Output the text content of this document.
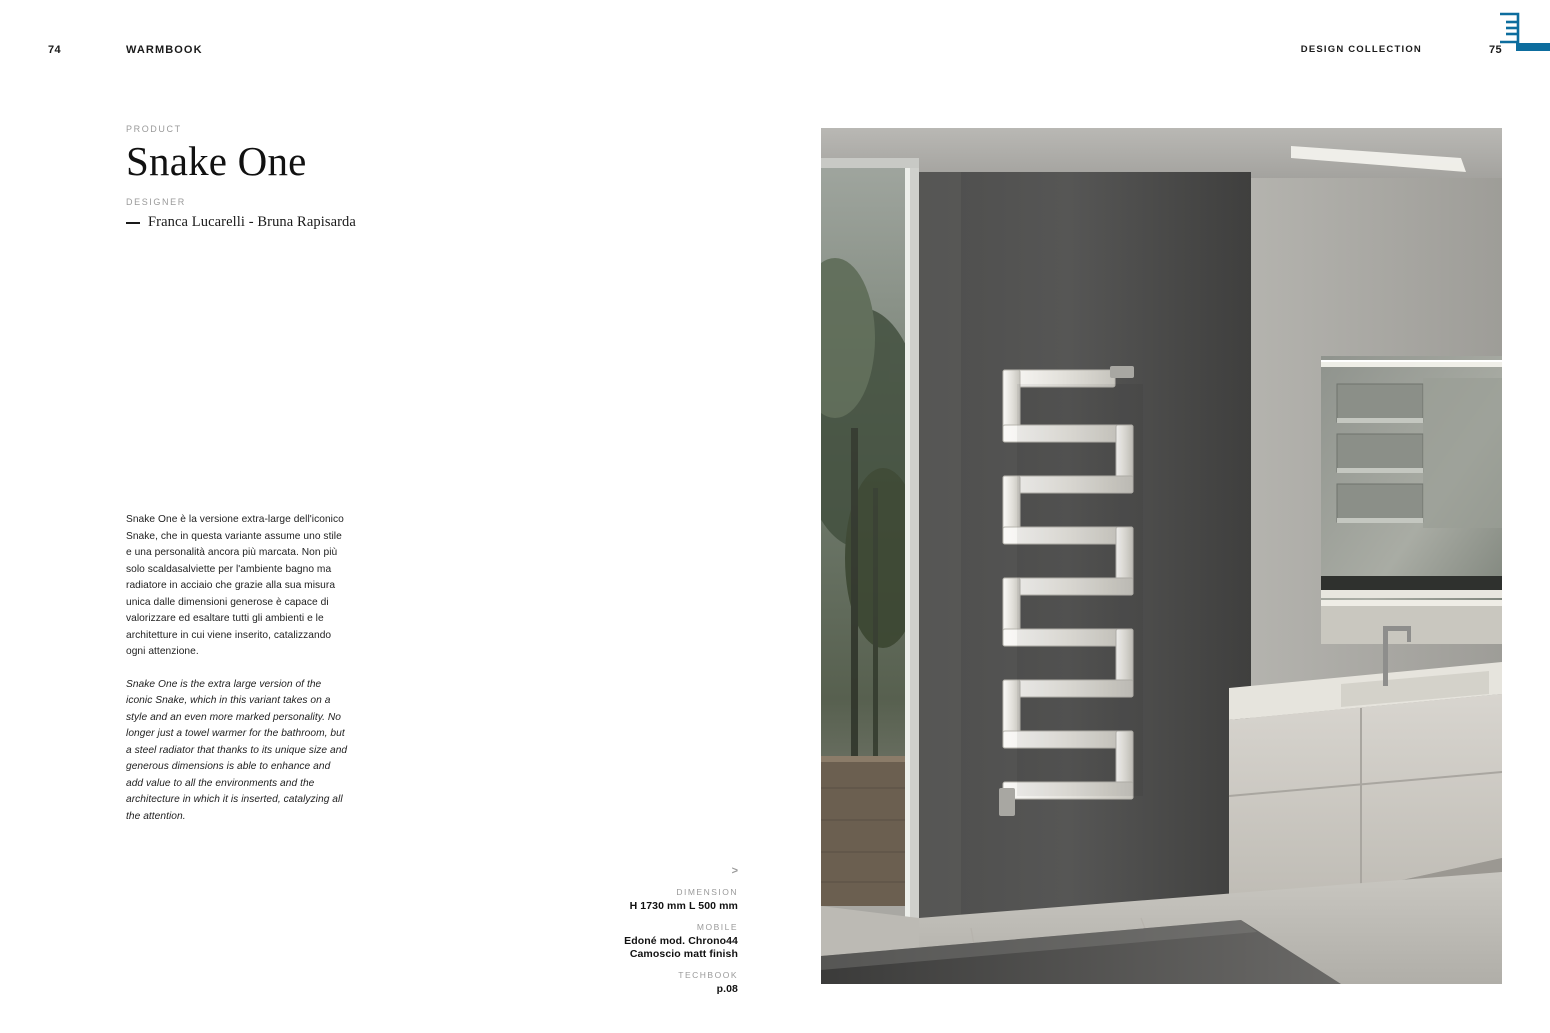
74	WARMBOOK	DESIGN COLLECTION	75
PRODUCT
Snake One
DESIGNER
Franca Lucarelli - Bruna Rapisarda

Snake One è la versione extra-large dell'iconico Snake, che in questa variante assume uno stile e una personalità ancora più marcata. Non più solo scaldasalviette per l'ambiente bagno ma radiatore in acciaio che grazie alla sua misura unica dalle dimensioni generose è capace di valorizzare ed esaltare tutti gli ambienti e le architetture in cui viene inserito, catalizzando ogni attenzione.

Snake One is the extra large version of the iconic Snake, which in this variant takes on a style and an even more marked personality. No longer just a towel warmer for the bathroom, but a steel radiator that thanks to its unique size and generous dimensions is able to enhance and add value to all the environments and the architecture in which it is inserted, catalyzing all the attention.

>
DIMENSION
H 1730 mm L 500 mm
MOBILE
Edoné mod. Chrono44
Camoscio matt finish
TECHBOOK
p.08
